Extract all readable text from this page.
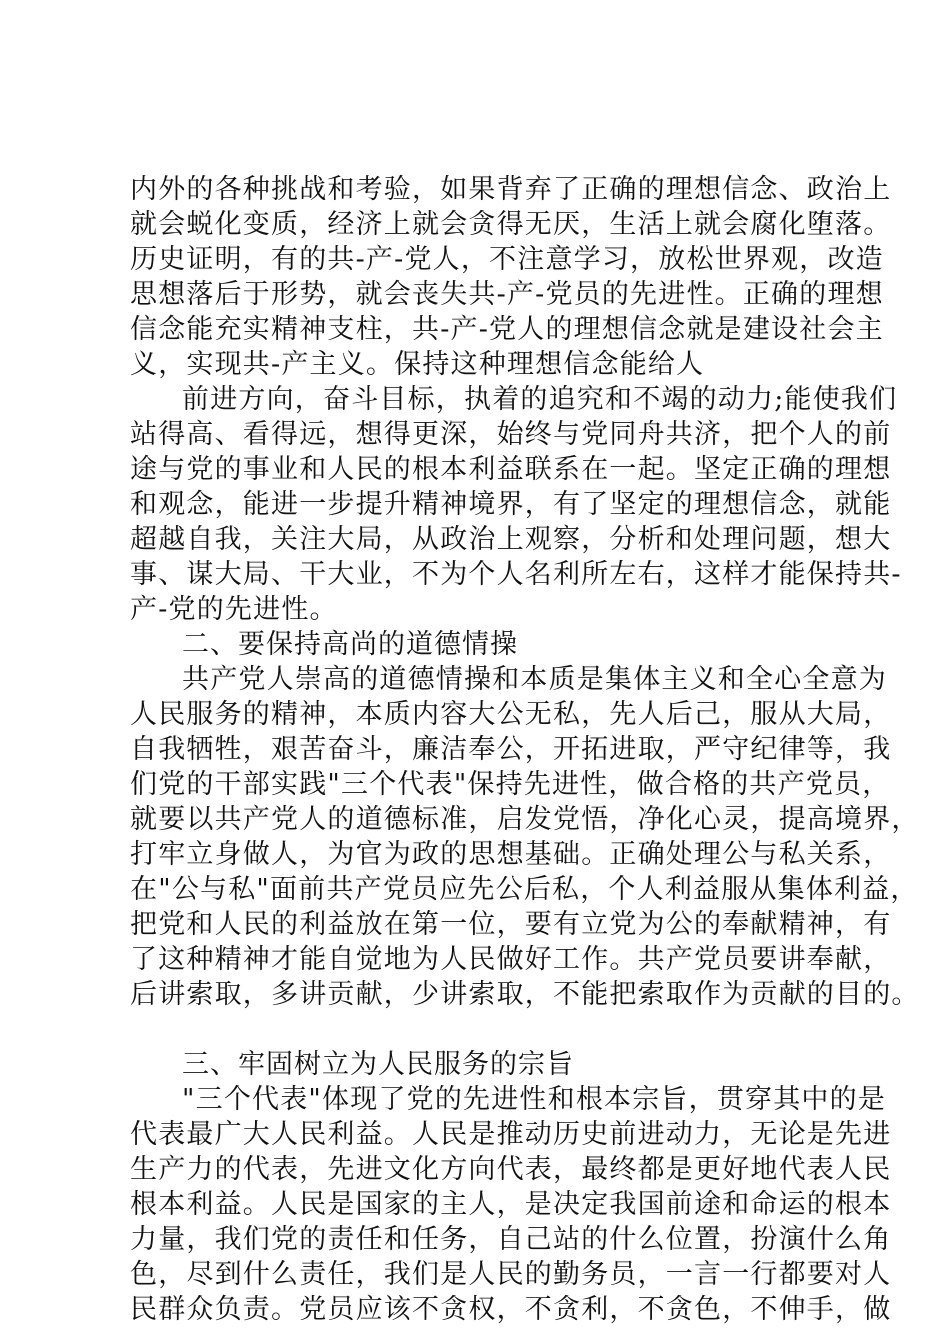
内外的各种挑战和考验，如果背弃了正确的理想信念、政治上
就会蜕化变质，经济上就会贪得无厌，生活上就会腐化堕落。
历史证明，有的共-产-党人，不注意学习，放松世界观，改造
思想落后于形势，就会丧失共-产-党员的先进性。正确的理想
信念能充实精神支柱，共-产-党人的理想信念就是建设社会主
义，实现共-产主义。保持这种理想信念能给人
前进方向，奋斗目标，执着的追究和不竭的动力;能使我们
站得高、看得远，想得更深，始终与党同舟共济，把个人的前
途与党的事业和人民的根本利益联系在一起。坚定正确的理想
和观念，能进一步提升精神境界，有了坚定的理想信念，就能
超越自我，关注大局，从政治上观察，分析和处理问题，想大
事、谋大局、干大业，不为个人名利所左右，这样才能保持共-
产-党的先进性。
二、要保持高尚的道德情操
共产党人崇高的道德情操和本质是集体主义和全心全意为
人民服务的精神，本质内容大公无私，先人后己，服从大局，
自我牺牲，艰苦奋斗，廉洁奉公，开拓进取，严守纪律等，我
们党的干部实践"三个代表"保持先进性，做合格的共产党员，
就要以共产党人的道德标准，启发党悟，净化心灵，提高境界，
打牢立身做人，为官为政的思想基础。正确处理公与私关系，
在"公与私"面前共产党员应先公后私，个人利益服从集体利益，
把党和人民的利益放在第一位，要有立党为公的奉献精神，有
了这种精神才能自觉地为人民做好工作。共产党员要讲奉献，
后讲索取，多讲贡献，少讲索取，不能把索取作为贡献的目的。
三、牢固树立为人民服务的宗旨
"三个代表"体现了党的先进性和根本宗旨，贯穿其中的是
代表最广大人民利益。人民是推动历史前进动力，无论是先进
生产力的代表，先进文化方向代表，最终都是更好地代表人民
根本利益。人民是国家的主人，是决定我国前途和命运的根本
力量，我们党的责任和任务，自己站的什么位置，扮演什么角
色，尽到什么责任，我们是人民的勤务员，一言一行都要对人
民群众负责。党员应该不贪权，不贪利，不贪色，不伸手，做
